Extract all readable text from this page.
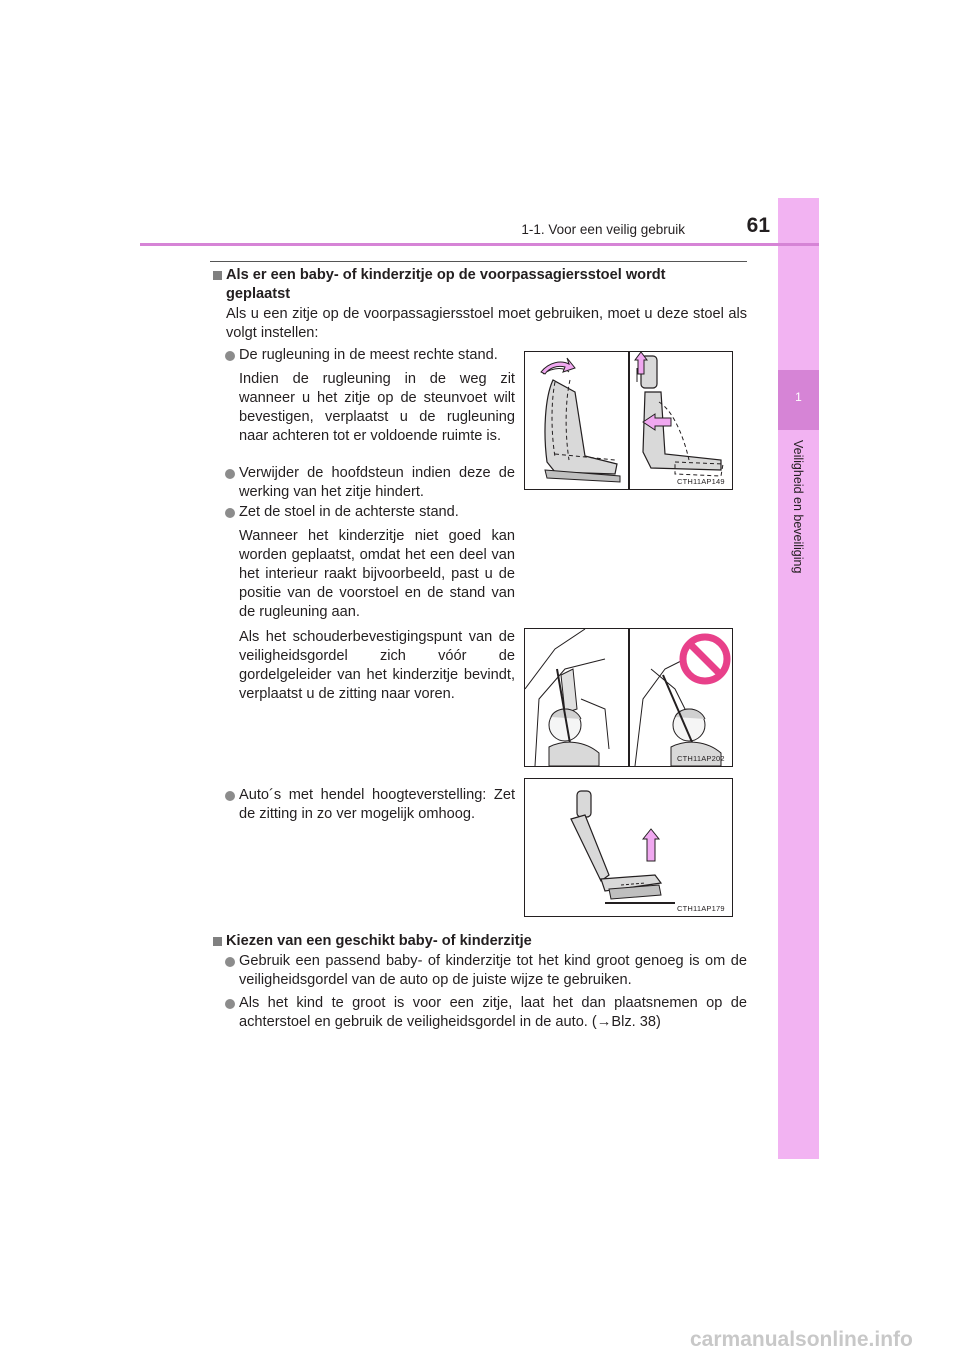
1
Veiligheid en beveiliging
1-1. Voor een veilig gebruik	61
Als er een baby- of kinderzitje op de voorpassagiersstoel wordt
geplaatst
Als u een zitje op de voorpassagiersstoel moet gebruiken, moet u deze stoel als volgt instellen:
De rugleuning in de meest rechte stand.
Indien de rugleuning in de weg zit wanneer u het zitje op de steunvoet wilt bevestigen, verplaatst u de rugleuning naar achteren tot er voldoende ruimte is.
Verwijder de hoofdsteun indien deze de werking van het zitje hindert.
Zet de stoel in de achterste stand.
Wanneer het kinderzitje niet goed kan worden geplaatst, omdat het een deel van het interieur raakt bijvoorbeeld, past u de positie van de voorstoel en de stand van de rugleuning aan.
Als het schouderbevestigingspunt van de veiligheidsgordel zich vóór de gordelgeleider van het kinderzitje bevindt, verplaatst u de zitting naar voren.
Auto´s met hendel hoogteverstelling: Zet de zitting in zo ver mogelijk omhoog.
CTH11AP149
CTH11AP202
CTH11AP179
Kiezen van een geschikt baby- of kinderzitje
Gebruik een passend baby- of kinderzitje tot het kind groot genoeg is om de veiligheidsgordel van de auto op de juiste wijze te gebruiken.
Als het kind te groot is voor een zitje, laat het dan plaatsnemen op de achterstoel en gebruik de veiligheidsgordel in de auto. (→Blz. 38)
carmanualsonline.info
